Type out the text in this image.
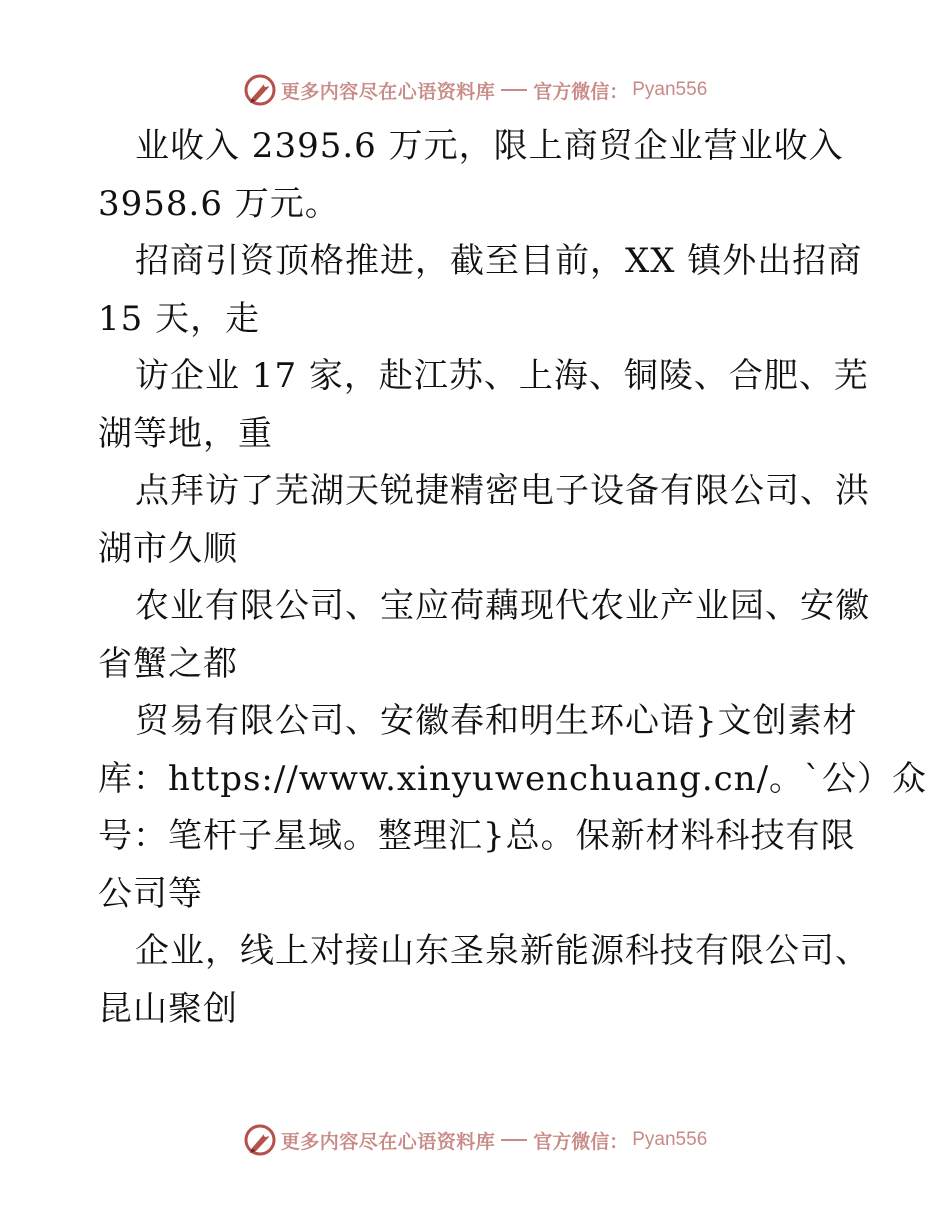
更多内容尽在心语资料库 官方微信： Pyan556
业收入 2395.6 万元，限上商贸企业营业收入
3958.6 万元。
招商引资顶格推进，截至目前，XX 镇外出招商
15 天，走
访企业 17 家，赴江苏、上海、铜陵、合肥、芜
湖等地，重
点拜访了芜湖天锐捷精密电子设备有限公司、洪
湖市久顺
农业有限公司、宝应荷藕现代农业产业园、安徽
省蟹之都
贸易有限公司、安徽春和明生环心语}文创素材
库：https://www.xinyuwenchuang.cn/。`公）众
号：笔杆子星域。整理汇}总。保新材料科技有限
公司等
企业，线上对接山东圣泉新能源科技有限公司、
昆山聚创
更多内容尽在心语资料库 官方微信： Pyan556
